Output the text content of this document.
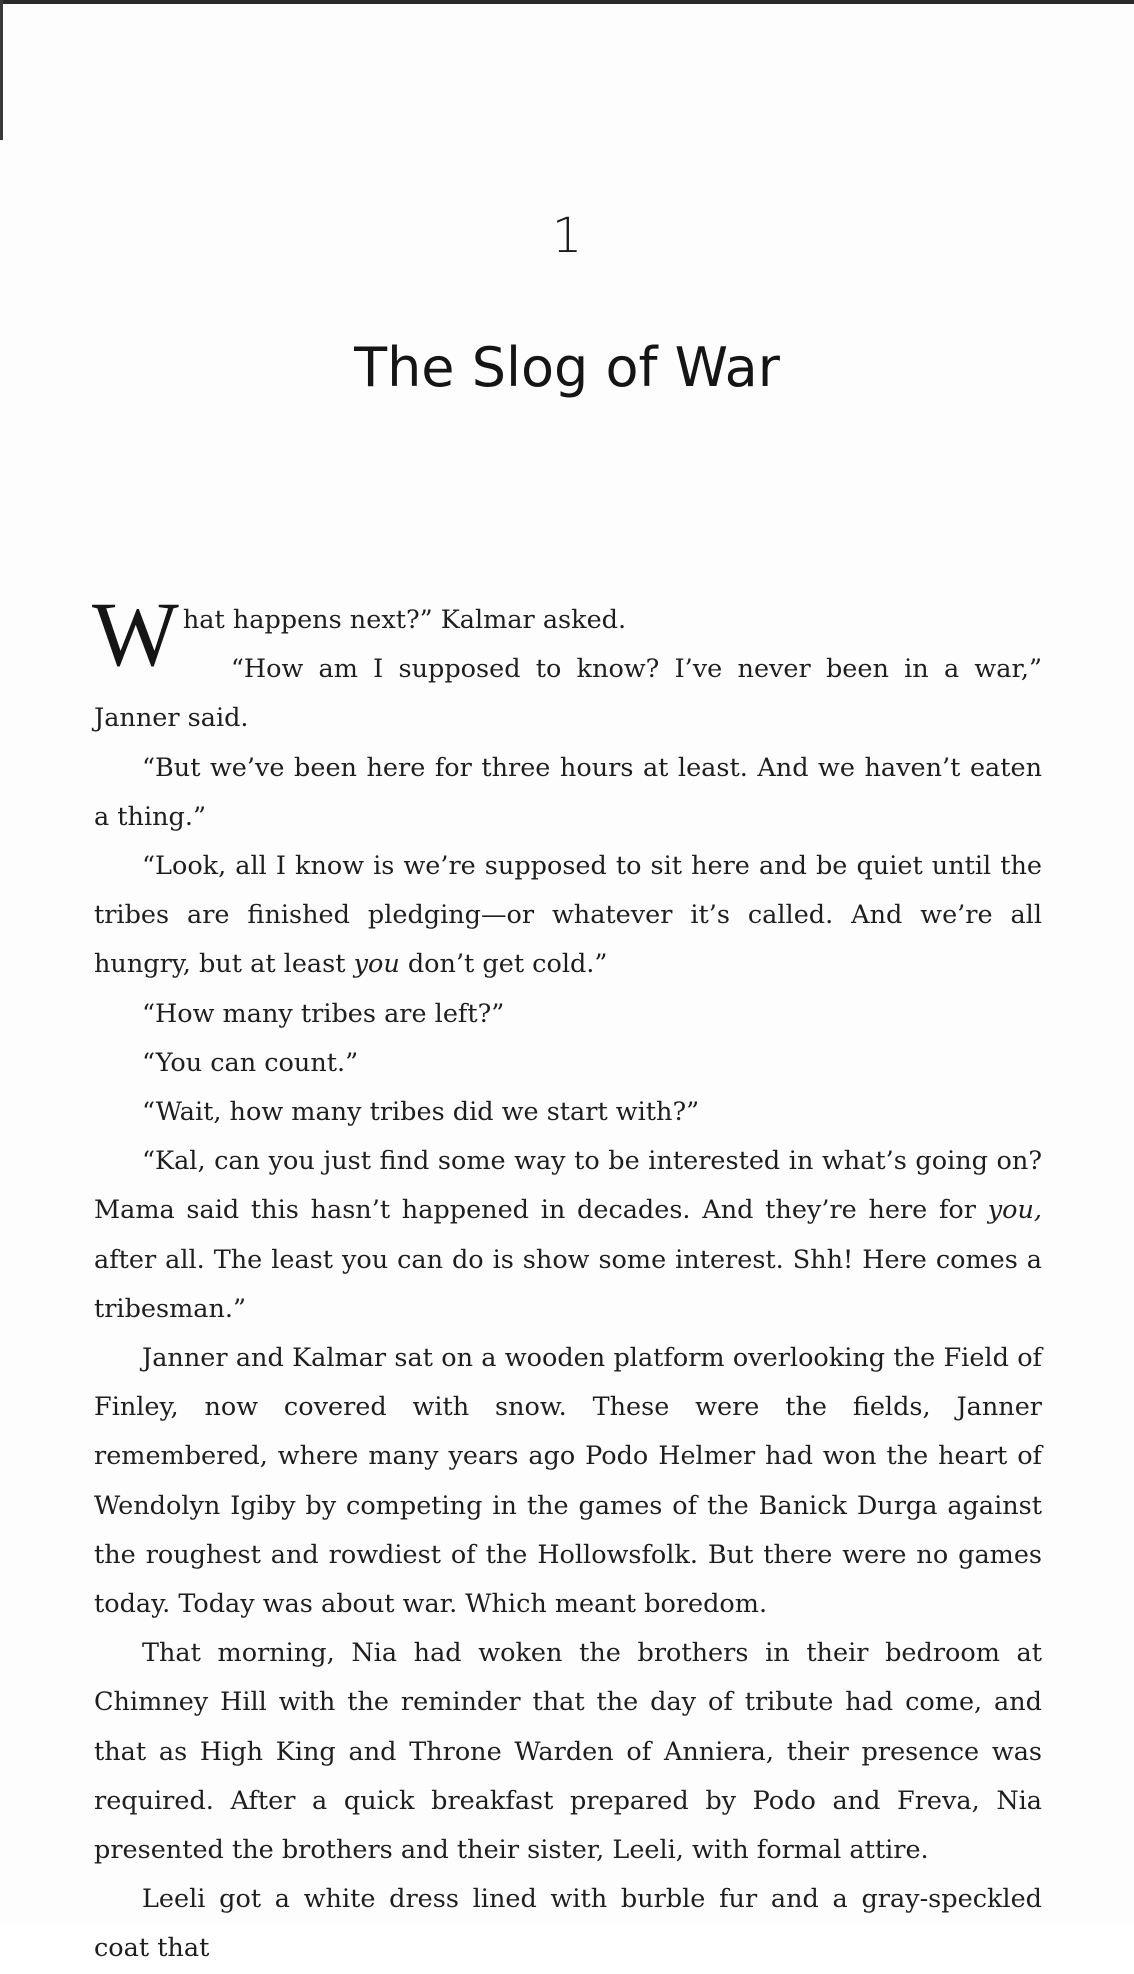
1
The Slog of War

What happens next?” Kalmar asked.

“How am I supposed to know? I’ve never been in a war,” Janner said.

“But we’ve been here for three hours at least. And we haven’t eaten a thing.”

“Look, all I know is we’re supposed to sit here and be quiet until the tribes are finished pledging—or whatever it’s called. And we’re all hungry, but at least you don’t get cold.”

“How many tribes are left?”

“You can count.”

“Wait, how many tribes did we start with?”

“Kal, can you just find some way to be interested in what’s going on? Mama said this hasn’t happened in decades. And they’re here for you, after all. The least you can do is show some interest. Shh! Here comes a tribesman.”

Janner and Kalmar sat on a wooden platform overlooking the Field of Finley, now covered with snow. These were the fields, Janner remembered, where many years ago Podo Helmer had won the heart of Wendolyn Igiby by competing in the games of the Banick Durga against the roughest and rowdiest of the Hollowsfolk. But there were no games today. Today was about war. Which meant boredom.

That morning, Nia had woken the brothers in their bedroom at Chimney Hill with the reminder that the day of tribute had come, and that as High King and Throne Warden of Anniera, their presence was required. After a quick breakfast prepared by Podo and Freva, Nia presented the brothers and their sister, Leeli, with formal attire.

Leeli got a white dress lined with burble fur and a gray-speckled coat that
